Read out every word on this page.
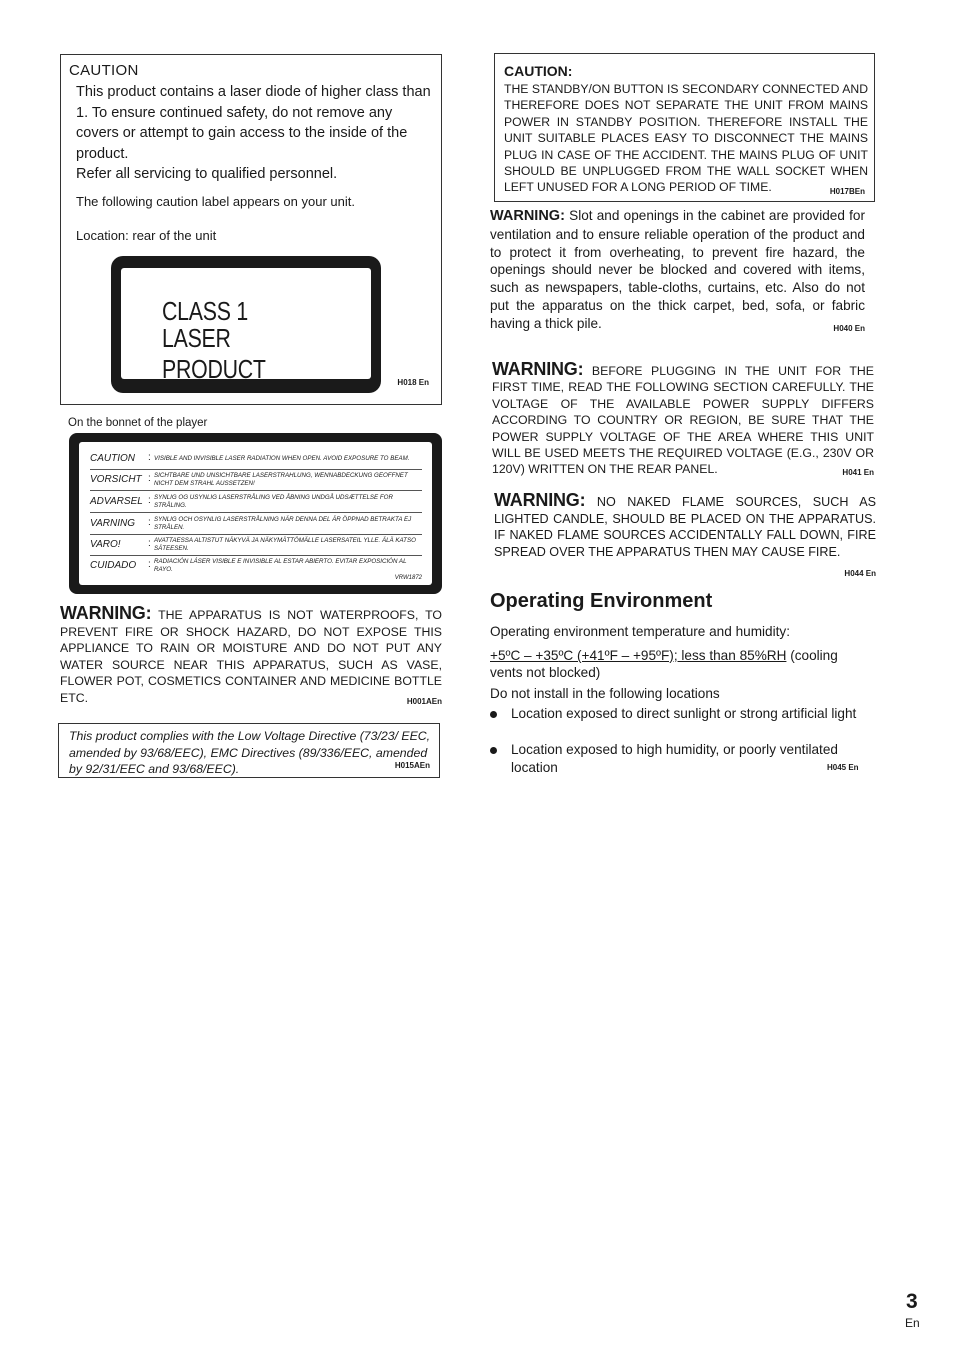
CAUTION
This product contains a laser diode of higher class than 1. To ensure continued safety, do not remove any covers or attempt to gain access to the inside of the product.
Refer all servicing to qualified personnel.
The following caution label appears on your unit.
Location: rear of the unit
CLASS 1
LASER PRODUCT	H018 En
On the bonnet of the player
CAUTION	: VISIBLE AND INVISIBLE LASER RADIATION WHEN OPEN. AVOID EXPOSURE TO BEAM.
VORSICHT : SICHTBARE UND UNSICHTBARE LASERSTRAHLUNG, WENNABDECKUNG GEOFFNET NICHT DEM STRAHL AUSSETZEN!
ADVARSEL : SYNLIG OG USYNLIG LASERSTRÅLING VED ÅBNING UNDGÅ UDSÆTTELSE FOR STRÅLING.
VARNING	: SYNLIG OCH OSYNLIG LASERSTRÅLNING NÄR DENNA DEL ÄR ÖPPNAD BETRAKTA EJ STRÅLEN.
VARO!	: AVATTAESSA ALTISTUT NÄKYVÄ JA NÄKYMÄTTÖMÄLLE LASERSATEIL YLLE. ÄLÄ KATSO SÄTEESEN.
CUIDADO	: RADIACIÓN LÁSER VISIBLE E INVISIBLE AL ESTAR ABIERTO. EVITAR EXPOSICIÓN AL RAYO.
VRW1872
WARNING: THE APPARATUS IS NOT WATERPROOFS, TO PREVENT FIRE OR SHOCK HAZARD, DO NOT EXPOSE THIS APPLIANCE TO RAIN OR MOISTURE AND DO NOT PUT ANY WATER SOURCE NEAR THIS APPARATUS, SUCH AS VASE, FLOWER POT, COSMETICS CONTAINER AND MEDICINE BOTTLE ETC.	H001AEn
This product complies with the Low Voltage Directive (73/23/ EEC, amended by 93/68/EEC), EMC Directives (89/336/EEC, amended by 92/31/EEC and 93/68/EEC).	H015AEn
CAUTION:
THE STANDBY/ON BUTTON IS SECONDARY CONNECTED AND THEREFORE DOES NOT SEPARATE THE UNIT FROM MAINS POWER IN STANDBY POSITION. THEREFORE INSTALL THE UNIT SUITABLE PLACES EASY TO DISCONNECT THE MAINS PLUG IN CASE OF THE ACCIDENT. THE MAINS PLUG OF UNIT SHOULD BE UNPLUGGED FROM THE WALL SOCKET WHEN LEFT UNUSED FOR A LONG PERIOD OF TIME.	H017BEn
WARNING: Slot and openings in the cabinet are provided for ventilation and to ensure reliable operation of the product and to protect it from overheating, to prevent fire hazard, the openings should never be blocked and covered with items, such as newspapers, table-cloths, curtains, etc. Also do not put the apparatus on the thick carpet, bed, sofa, or fabric having a thick pile.	H040 En
WARNING: BEFORE PLUGGING IN THE UNIT FOR THE FIRST TIME, READ THE FOLLOWING SECTION CAREFULLY. THE VOLTAGE OF THE AVAILABLE POWER SUPPLY DIFFERS ACCORDING TO COUNTRY OR REGION, BE SURE THAT THE POWER SUPPLY VOLTAGE OF THE AREA WHERE THIS UNIT WILL BE USED MEETS THE REQUIRED VOLTAGE (E.G., 230V OR 120V) WRITTEN ON THE REAR PANEL.	H041 En
WARNING: NO NAKED FLAME SOURCES, SUCH AS LIGHTED CANDLE, SHOULD BE PLACED ON THE APPARATUS. IF NAKED FLAME SOURCES ACCIDENTALLY FALL DOWN, FIRE SPREAD OVER THE APPARATUS THEN MAY CAUSE FIRE.
H044 En
Operating Environment
Operating environment temperature and humidity:
+5ºC – +35ºC (+41ºF – +95ºF); less than 85%RH (cooling vents not blocked)
Do not install in the following locations
Location exposed to direct sunlight or strong artificial light
Location exposed to high humidity, or poorly ventilated location	H045 En
3
En
